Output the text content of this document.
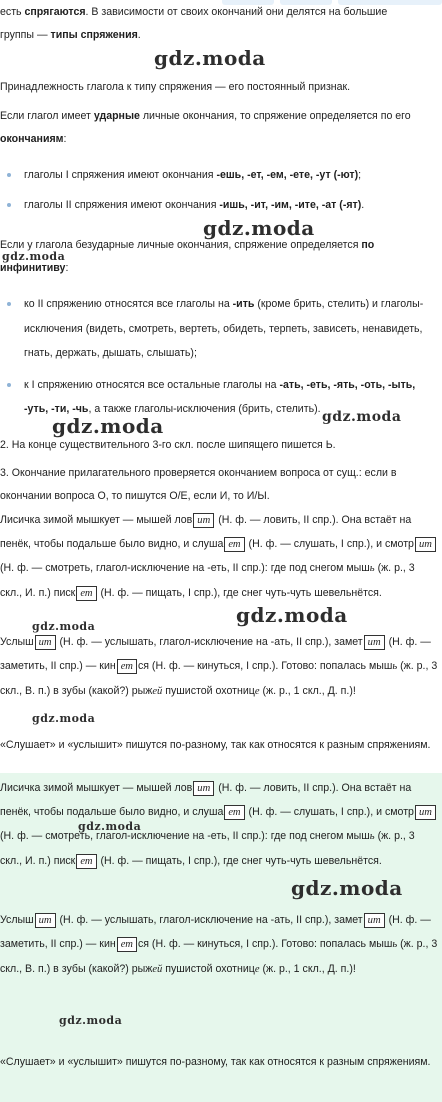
есть спрягаются. В зависимости от своих окончаний они делятся на большие
группы — типы спряжения.

Принадлежность глагола к типу спряжения — его постоянный признак.

Если глагол имеет ударные личные окончания, то спряжение определяется по его окончаниям:

глаголы I спряжения имеют окончания -ешь, -ет, -ем, -ете, -ут (-ют);
глаголы II спряжения имеют окончания -ишь, -ит, -им, -ите, -ат (-ят).

Если у глагола безударные личные окончания, спряжение определяется по инфинитиву:

ко II спряжению относятся все глаголы на -ить (кроме брить, стелить) и глаголы-исключения (видеть, смотреть, вертеть, обидеть, терпеть, зависеть, ненавидеть, гнать, держать, дышать, слышать);
к I спряжению относятся все остальные глаголы на -ать, -еть, -ять, -оть, -ыть, -уть, -ти, -чь, а также глаголы-исключения (брить, стелить).

2. На конце существительного 3-го скл. после шипящего пишется Ь.

3. Окончание прилагательного проверяется окончанием вопроса от сущ.: если в окончании вопроса О, то пишутся О/Е, если И, то И/Ы.

Лисичка зимой мышкует — мышей лов ит (Н. ф. — ловить, II спр.). Она встаёт на пенёк, чтобы подальше было видно, и слуша ет (Н. ф. — слушать, I спр.), и смотр ит (Н. ф. — смотреть, глагол-исключение на -еть, II спр.): где под снегом мышь (ж. р., 3 скл., И. п.) писк ет (Н. ф. — пищать, I спр.), где снег чуть-чуть шевельнётся.

Услыш ит (Н. ф. — услышать, глагол-исключение на -ать, II спр.), замет ит (Н. ф. — заметить, II спр.) — кин ет ся (Н. ф. — кинуться, I спр.). Готово: попалась мышь (ж. р., 3 скл., В. п.) в зубы (какой?) рыжей пушистой охотнице (ж. р., 1 скл., Д. п.)!

«Слушает» и «услышит» пишутся по-разному, так как относятся к разным спряжениям.

Лисичка зимой мышкует — мышей лов ит (Н. ф. — ловить, II спр.). Она встаёт на пенёк, чтобы подальше было видно, и слуша ет (Н. ф. — слушать, I спр.), и смотр ит (Н. ф. — смотреть, глагол-исключение на -еть, II спр.): где под снегом мышь (ж. р., 3 скл., И. п.) писк ет (Н. ф. — пищать, I спр.), где снег чуть-чуть шевельнётся.

Услыш ит (Н. ф. — услышать, глагол-исключение на -ать, II спр.), замет ит (Н. ф. — заметить, II спр.) — кин ет ся (Н. ф. — кинуться, I спр.). Готово: попалась мышь (ж. р., 3 скл., В. п.) в зубы (какой?) рыжей пушистой охотнице (ж. р., 1 скл., Д. п.)!

«Слушает» и «услышит» пишутся по-разному, так как относятся к разным спряжениям.

gdz.moda
gdz.moda
gdz.moda
gdz.moda	gdz.moda
gdz.moda
gdz.moda
gdz.moda
gdz.moda
gdz.moda
gdz.moda
